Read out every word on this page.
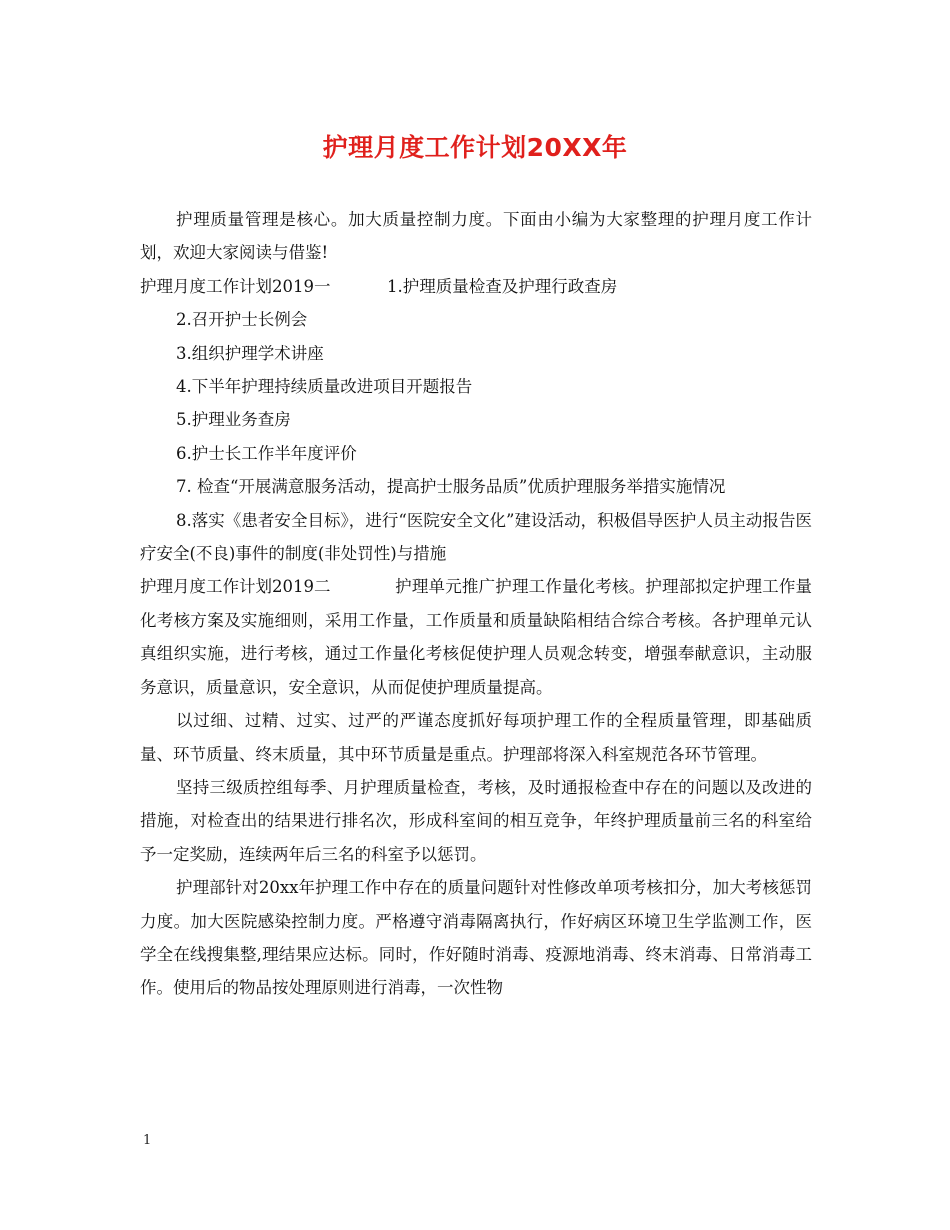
护理月度工作计划20XX年

护理质量管理是核心。加大质量控制力度。下面由小编为大家整理的护理月度工作计划，欢迎大家阅读与借鉴!

护理月度工作计划2019一	1.护理质量检查及护理行政查房

2.召开护士长例会

3.组织护理学术讲座

4.下半年护理持续质量改进项目开题报告

5.护理业务查房

6.护士长工作半年度评价

7. 检查“开展满意服务活动，提高护士服务品质”优质护理服务举措实施情况

8.落实《患者安全目标》，进行“医院安全文化”建设活动，积极倡导医护人员主动报告医疗安全(不良)事件的制度(非处罚性)与措施

护理月度工作计划2019二	护理单元推广护理工作量化考核。护理部拟定护理工作量化考核方案及实施细则，采用工作量，工作质量和质量缺陷相结合综合考核。各护理单元认真组织实施，进行考核，通过工作量化考核促使护理人员观念转变，增强奉献意识，主动服务意识，质量意识，安全意识，从而促使护理质量提高。

以过细、过精、过实、过严的严谨态度抓好每项护理工作的全程质量管理，即基础质量、环节质量、终末质量，其中环节质量是重点。护理部将深入科室规范各环节管理。

坚持三级质控组每季、月护理质量检查，考核，及时通报检查中存在的问题以及改进的措施，对检查出的结果进行排名次，形成科室间的相互竞争，年终护理质量前三名的科室给予一定奖励，连续两年后三名的科室予以惩罚。

护理部针对20xx年护理工作中存在的质量问题针对性修改单项考核扣分，加大考核惩罚力度。加大医院感染控制力度。严格遵守消毒隔离执行，作好病区环境卫生学监测工作，医学全在线搜集整,理结果应达标。同时，作好随时消毒、疫源地消毒、终末消毒、日常消毒工作。使用后的物品按处理原则进行消毒，一次性物

1
